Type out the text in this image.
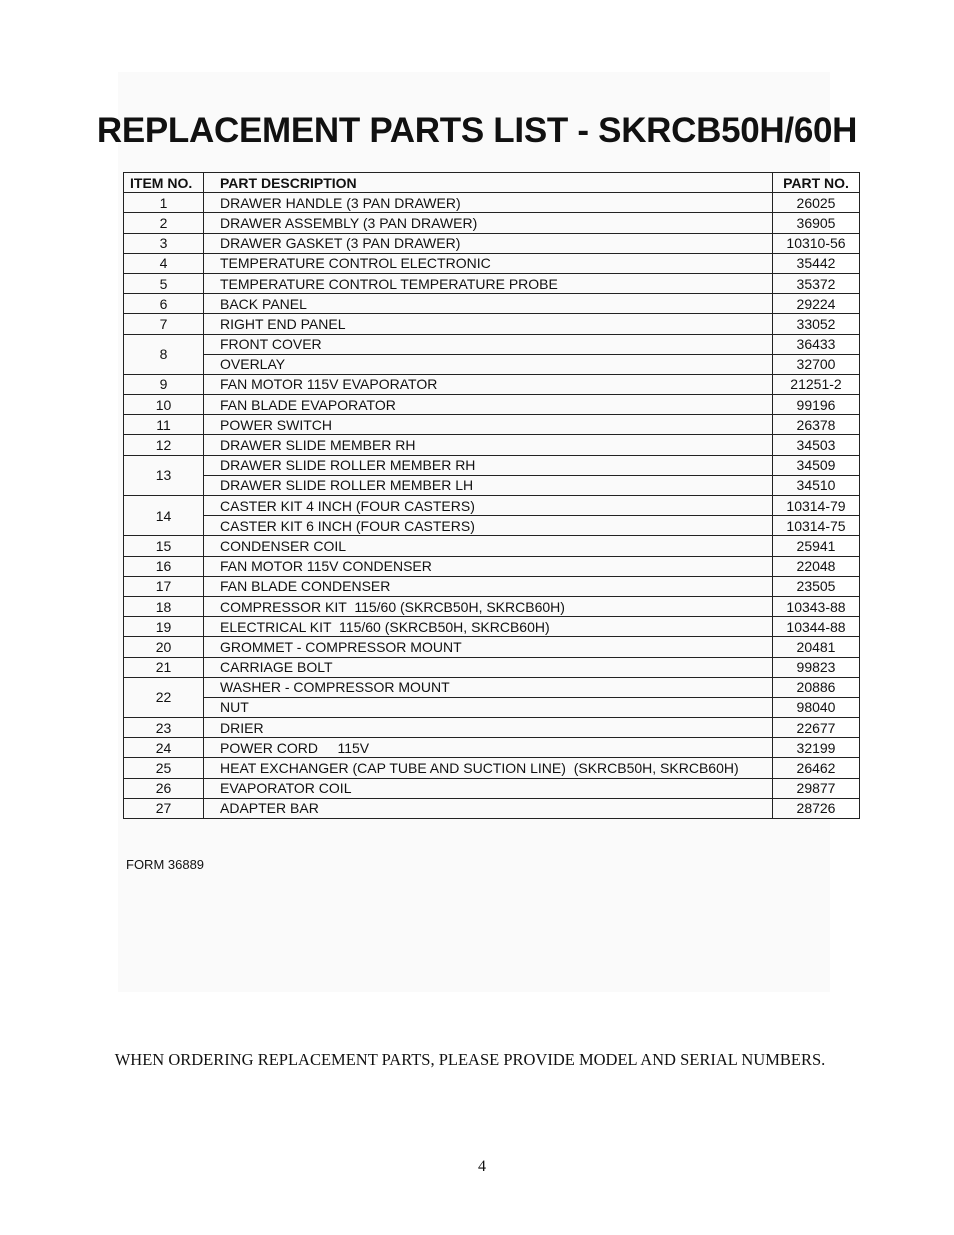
REPLACEMENT PARTS LIST - SKRCB50H/60H
ITEM NO.	PART DESCRIPTION	PART NO.
1	DRAWER HANDLE (3 PAN DRAWER)	26025
2	DRAWER ASSEMBLY (3 PAN DRAWER)	36905
3	DRAWER GASKET (3 PAN DRAWER)	10310-56
4	TEMPERATURE CONTROL ELECTRONIC	35442
5	TEMPERATURE CONTROL TEMPERATURE PROBE	35372
6	BACK PANEL	29224
7	RIGHT END PANEL	33052
8	FRONT COVER	36433
	OVERLAY	32700
9	FAN MOTOR 115V EVAPORATOR	21251-2
10	FAN BLADE EVAPORATOR	99196
11	POWER SWITCH	26378
12	DRAWER SLIDE MEMBER RH	34503
13	DRAWER SLIDE ROLLER MEMBER RH	34509
	DRAWER SLIDE ROLLER MEMBER LH	34510
14	CASTER KIT 4 INCH (FOUR CASTERS)	10314-79
	CASTER KIT 6 INCH (FOUR CASTERS)	10314-75
15	CONDENSER COIL	25941
16	FAN MOTOR 115V CONDENSER	22048
17	FAN BLADE CONDENSER	23505
18	COMPRESSOR KIT  115/60 (SKRCB50H, SKRCB60H)	10343-88
19	ELECTRICAL KIT  115/60 (SKRCB50H, SKRCB60H)	10344-88
20	GROMMET - COMPRESSOR MOUNT	20481
21	CARRIAGE BOLT	99823
22	WASHER - COMPRESSOR MOUNT	20886
	NUT	98040
23	DRIER	22677
24	POWER CORD     115V	32199
25	HEAT EXCHANGER (CAP TUBE AND SUCTION LINE)  (SKRCB50H, SKRCB60H)	26462
26	EVAPORATOR COIL	29877
27	ADAPTER BAR	28726
FORM 36889
WHEN ORDERING REPLACEMENT PARTS, PLEASE PROVIDE MODEL AND SERIAL NUMBERS.
4
